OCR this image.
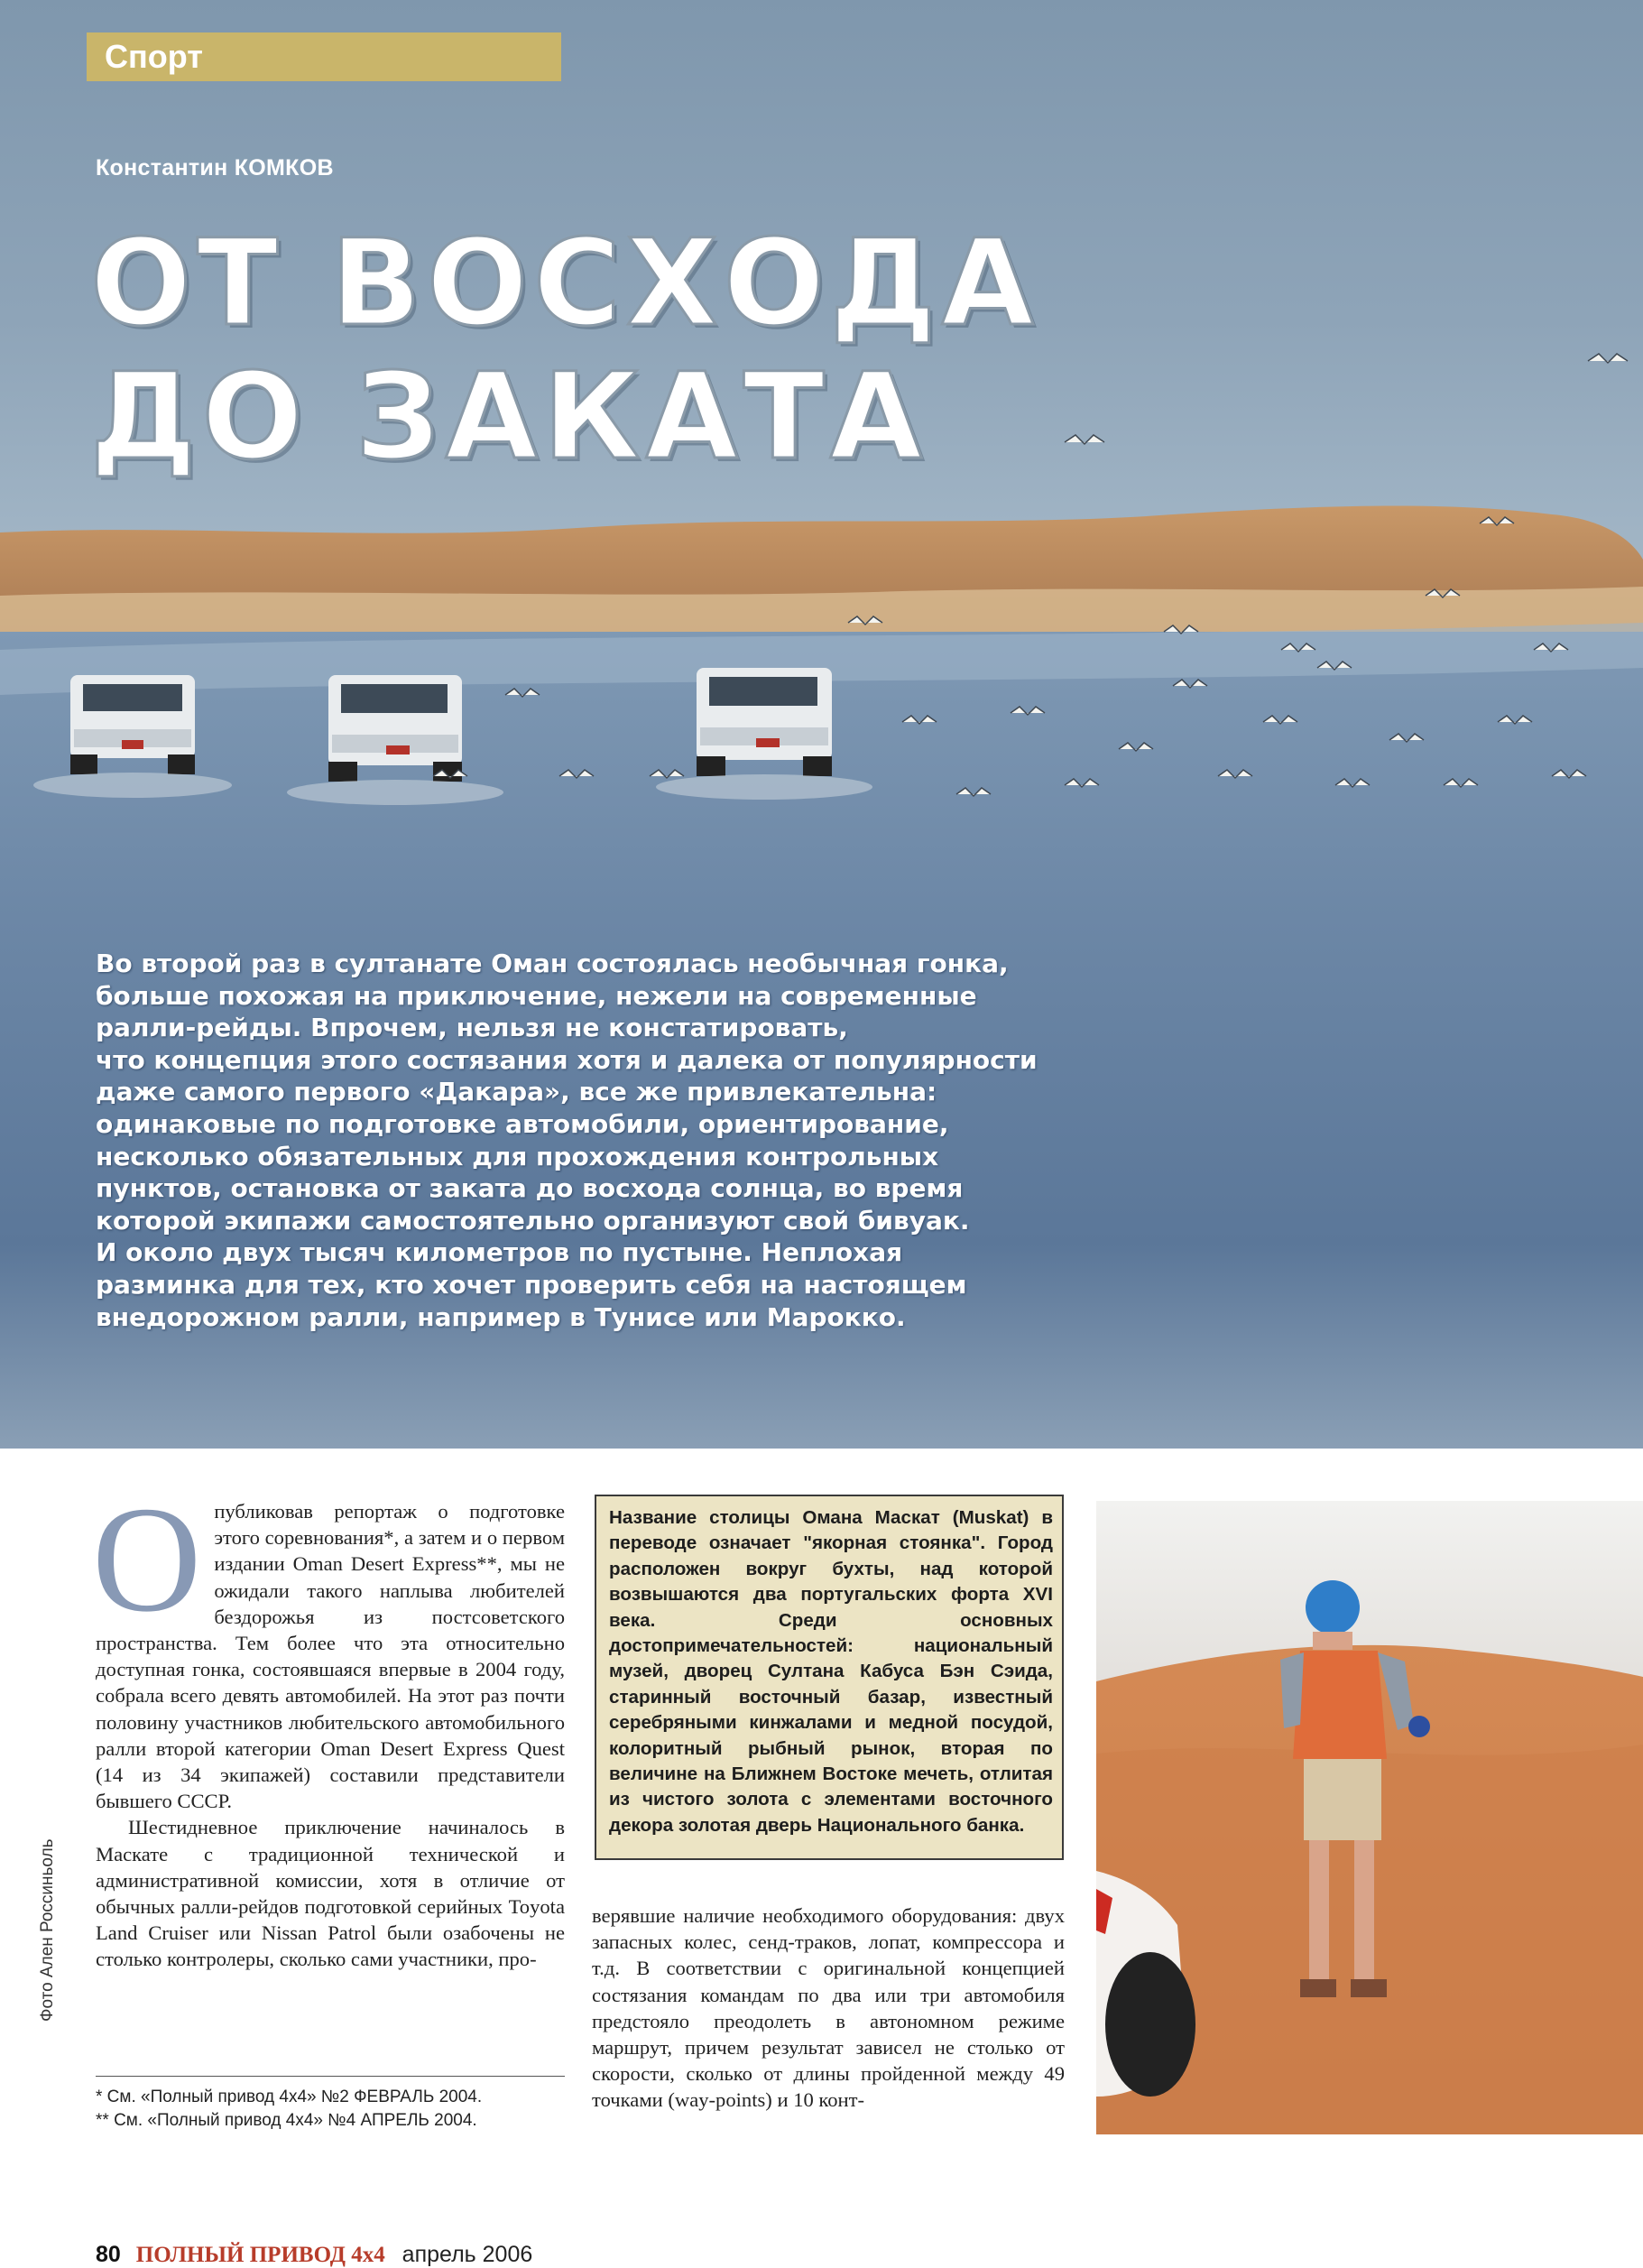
Спорт
Константин КОМКОВ
ОТ ВОСХОДА
ДО ЗАКАТА

Во второй раз в султанате Оман состоялась необычная гонка,
больше похожая на приключение, нежели на современные
ралли-рейды. Впрочем, нельзя не констатировать,
что концепция этого состязания хотя и далека от популярности
даже самого первого «Дакара», все же привлекательна:
одинаковые по подготовке автомобили, ориентирование,
несколько обязательных для прохождения контрольных
пунктов, остановка от заката до восхода солнца, во время
которой экипажи самостоятельно организуют свой бивуак.
И около двух тысяч километров по пустыне. Неплохая
разминка для тех, кто хочет проверить себя на настоящем
внедорожном ралли, например в Тунисе или Марокко.

О публиковав репортаж о подготовке этого соревнования*, а затем и о первом издании Oman Desert Express**, мы не ожидали такого наплыва любителей бездорожья из постсоветского пространства. Тем более что эта относительно доступная гонка, состоявшаяся впервые в 2004 году, собрала всего девять автомобилей. На этот раз почти половину участников любительского автомобильного ралли второй категории Oman Desert Express Quest (14 из 34 экипажей) составили представители бывшего СССР.

Шестидневное приключение начиналось в Маскате с традиционной технической и административной комиссии, хотя в отличие от обычных ралли-рейдов подготовкой серийных Toyota Land Cruiser или Nissan Patrol были озабочены не столько контролеры, сколько сами участники, про-

Название столицы Омана Маскат (Muskat) в переводе означает "якорная стоянка". Город расположен вокруг бухты, над которой возвышаются два португальских форта XVI века. Среди основных достопримечательностей: национальный музей, дворец Султана Кабуса Бэн Сэида, старинный восточный базар, известный серебряными кинжалами и медной посудой, колоритный рыбный рынок, вторая по величине на Ближнем Востоке мечеть, отлитая из чистого золота с элементами восточного декора золотая дверь Национального банка.

верявшие наличие необходимого оборудования: двух запасных колес, сенд-траков, лопат, компрессора и т.д. В соответствии с оригинальной концепцией состязания командам по два или три автомобиля предстояло преодолеть в автономном режиме маршрут, причем результат зависел не столько от скорости, сколько от длины пройденной между 49 точками (way-points) и 10 конт-

* См. «Полный привод 4x4» №2 ФЕВРАЛЬ 2004.
** См. «Полный привод 4x4» №4 АПРЕЛЬ 2004.
Фото Ален Россиньоль
80 ПОЛНЫЙ ПРИВОД 4x4 апрель 2006
